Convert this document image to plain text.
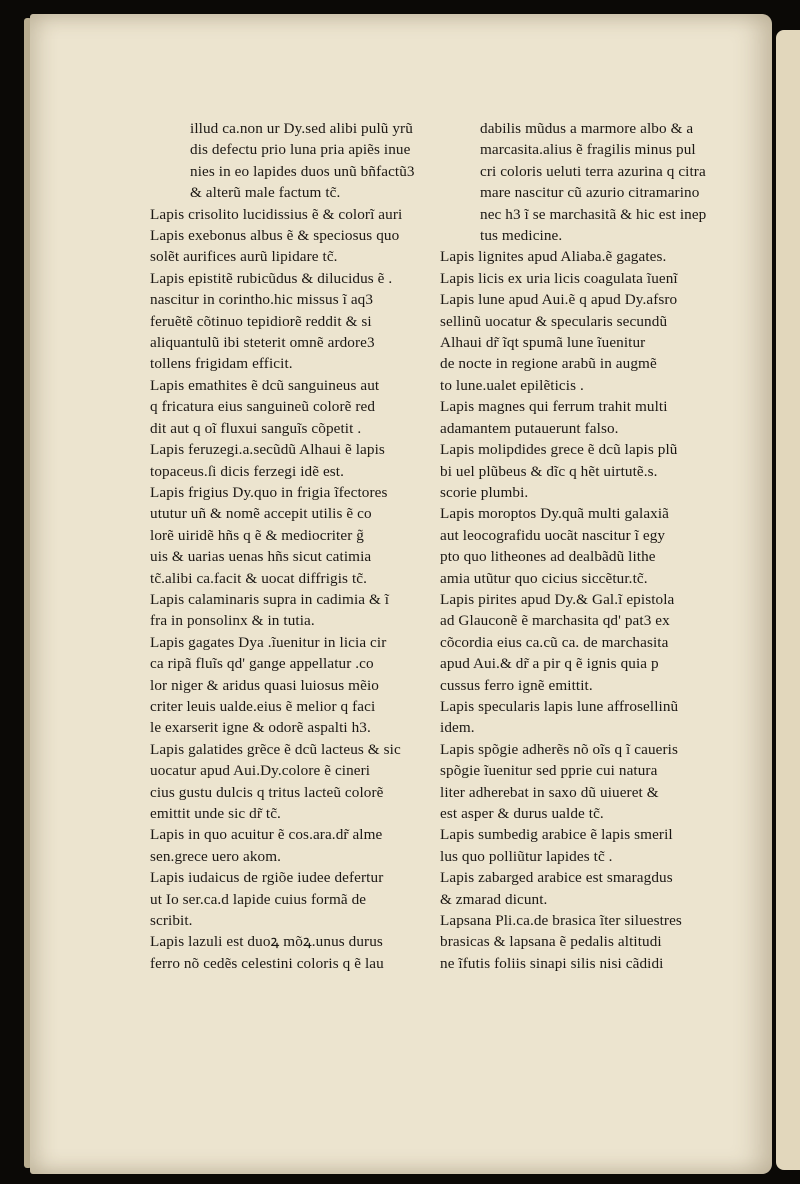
illud ca.non ur Dy.sed alibi pulũ yrũ
dis defectu prio luna pria apiẽs inue
nies in eo lapides duos unũ bñfactũ3
& alterũ male factum tc̃.
Lapis crisolito lucidissius ẽ & colorĩ auri
Lapis exebonus albus ẽ & speciosus quo
solẽt aurifices aurũ lipidare tc̃.
Lapis epistitẽ rubicũdus & dilucidus ẽ .
nascitur in corintho.hic missus ĩ aq3
feruẽtẽ cõtinuo tepidiorẽ reddit & si
aliquantulũ ibi steterit omnẽ ardore3
tollens frigidam efficit.
Lapis emathites ẽ dcũ sanguineus aut
q fricatura eius sanguineũ colorẽ red
dit aut q oĩ fluxui sanguĩs cõpetit .
Lapis feruzegi.a.secũdũ Alhaui ẽ lapis
topaceus.ſi dicis ferzegi idẽ est.
Lapis frigius Dy.quo in frigia ĩfectores
ututur uñ & nomẽ accepit utilis ẽ co
lorẽ uiridẽ hñs q ẽ & mediocriter g̃
uis & uarias uenas hñs sicut catimia
tc̃.alibi ca.facit & uocat diffrigis tc̃.
Lapis calaminaris supra in cadimia & ĩ
fra in ponsolinx & in tutia.
Lapis gagates Dya .ĩuenitur in licia cir
ca ripã fluĩs qd' gange appellatur .co
lor niger & aridus quasi luiosus mẽio
criter leuis ualde.eius ẽ melior q faci
le exarserit igne & odorẽ aspalti h3.
Lapis galatides grẽce ẽ dcũ lacteus & sic
uocatur apud Aui.Dy.colore ẽ cineri
cius gustu dulcis q tritus lacteũ colorẽ
emittit unde sic dr̃ tc̃.
Lapis in quo acuitur ẽ cos.ara.dr̃ alme
sen.grece uero akom.
Lapis iudaicus de rgiõe iudee defertur
ut Io ser.ca.d lapide cuius formã de
scribit.
Lapis lazuli est duoꝝ mõꝝ.unus durus
ferro nõ cedẽs celestini coloris q ẽ lau
dabilis mũdus a marmore albo & a
marcasita.alius ẽ fragilis minus pul
cri coloris ueluti terra azurina q citra
mare nascitur cũ azurio citramarino
nec h3 ĩ se marchasitã & hic est inep
tus medicine.
Lapis lignites apud Aliaba.ẽ gagates.
Lapis licis ex uria licis coagulata ĩuenĩ
Lapis lune apud Aui.ẽ q apud Dy.afsro
sellinũ uocatur & specularis secundũ
Alhaui dr̃ ĩqt spumã lune ĩuenitur
de nocte in regione arabũ in augmẽ
to lune.ualet epilẽticis .
Lapis magnes qui ferrum trahit multi
adamantem putauerunt falso.
Lapis molipdides grece ẽ dcũ lapis plũ
bi uel plũbeus & dĩc q hẽt uirtutẽ.s.
scorie plumbi.
Lapis moroptos Dy.quã multi galaxiã
aut leocografidu uocãt nascitur ĩ egy
pto quo litheones ad dealbãdũ lithe
amia utũtur quo cicius siccẽtur.tc̃.
Lapis pirites apud Dy.& Gal.ĩ epistola
ad Glauconẽ ẽ marchasita qd' pat3 ex
cõcordia eius ca.cũ ca. de marchasita
apud Aui.& dr̃ a pir q ẽ ignis quia p
cussus ferro ignẽ emittit.
Lapis specularis lapis lune affrosellinũ
idem.
Lapis spõgie adherẽs nõ oĩs q ĩ caueris
spõgie ĩuenitur sed pprie cui natura
liter adherebat in saxo dũ uiueret &
est asper & durus ualde tc̃.
Lapis sumbedig arabice ẽ lapis smeril
lus quo polliũtur lapides tc̃ .
Lapis zabarged arabice est smaragdus
& zmarad dicunt.
Lapsana Pli.ca.de brasica ĩter siluestres
brasicas & lapsana ẽ pedalis altitudi
ne ĩfutis foliis sinapi silis nisi cãdidi
